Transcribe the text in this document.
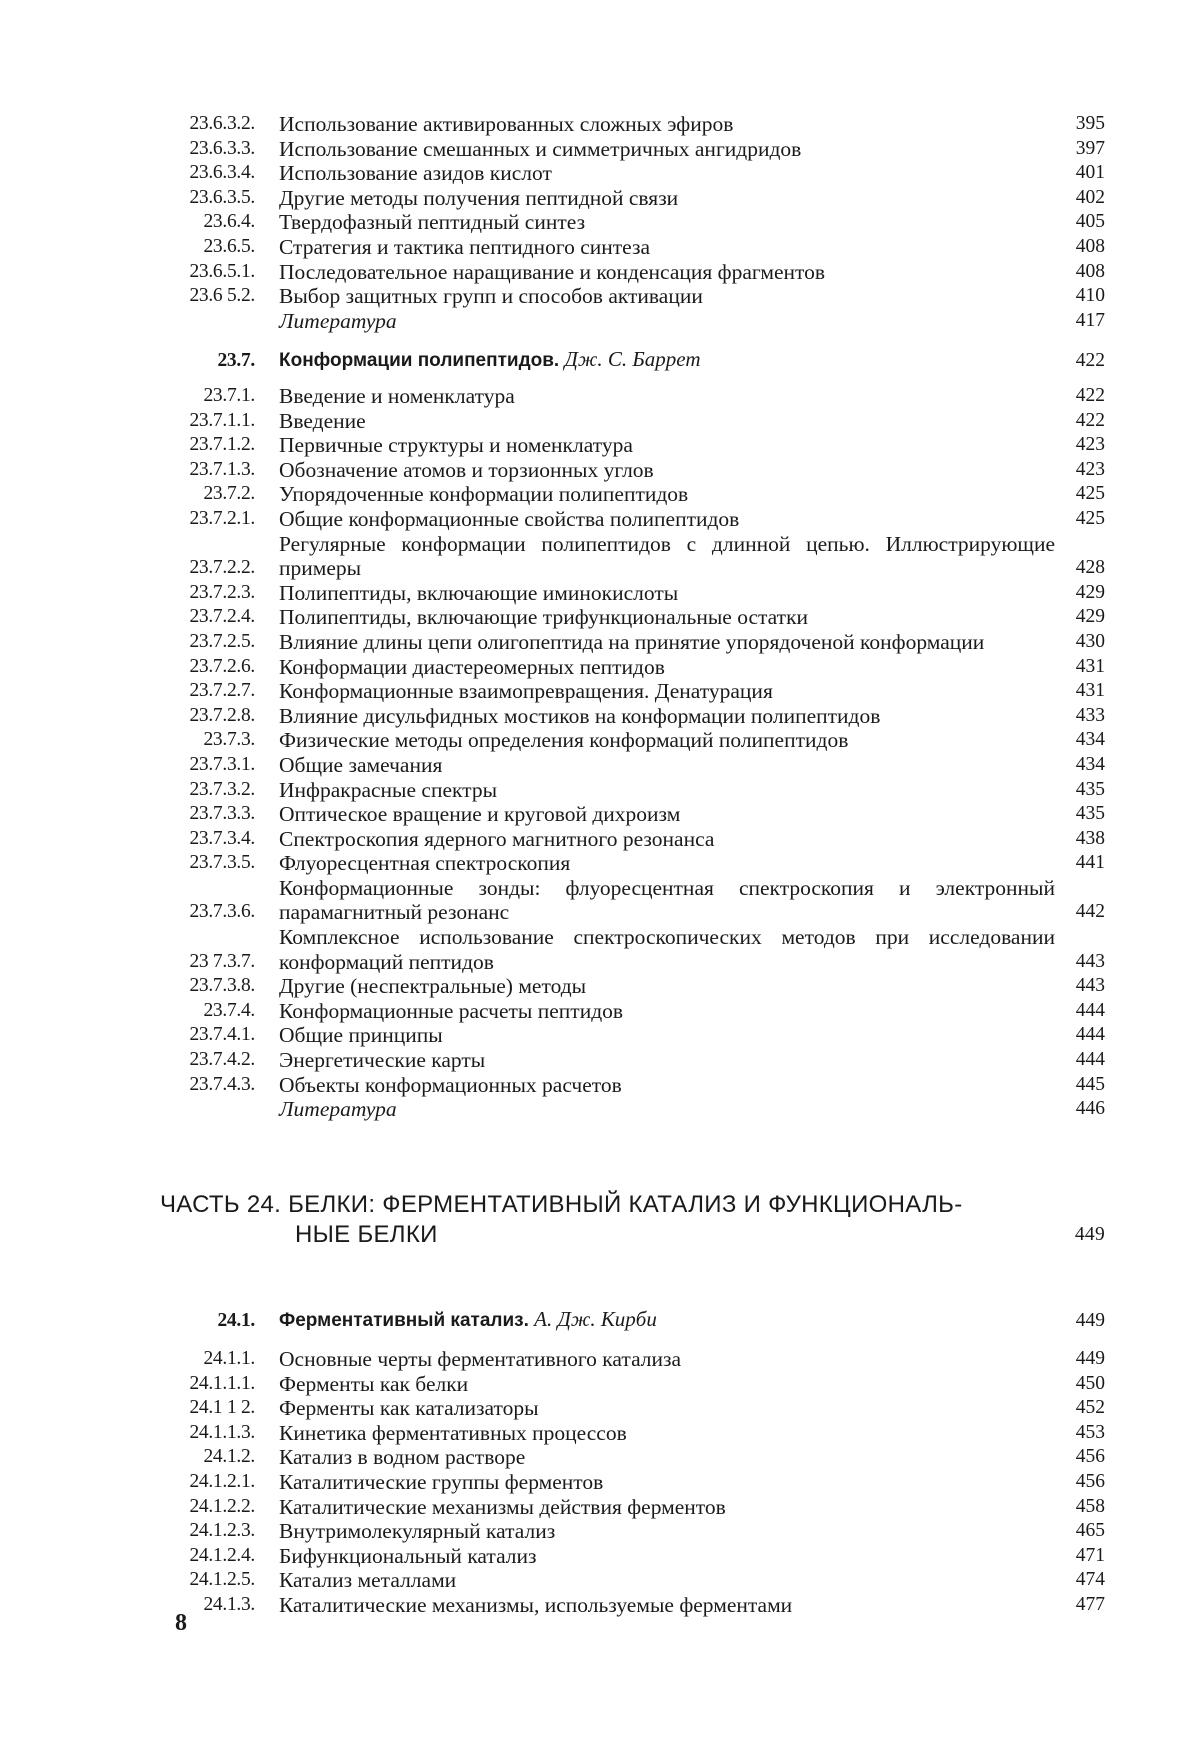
23.6.3.2. Использование активированных сложных эфиров	395
23.6.3.3. Использование смешанных и симметричных ангидридов	397
23.6.3.4. Использование азидов кислот	401
23.6.3.5. Другие методы получения пептидной связи	402
23.6.4. Твердофазный пептидный синтез	405
23.6.5. Стратегия и тактика пептидного синтеза	408
23.6.5.1. Последовательное наращивание и конденсация фрагментов	408
23.6 5.2. Выбор защитных групп и способов активации	410
Литература	417
23.7. Конформации полипептидов. Дж. С. Баррет	422
23.7.1. Введение и номенклатура	422
23.7.1.1. Введение	422
23.7.1.2. Первичные структуры и номенклатура	423
23.7.1.3. Обозначение атомов и торзионных углов	423
23.7.2. Упорядоченные конформации полипептидов	425
23.7.2.1. Общие конформационные свойства полипептидов	425
23.7.2.2.
Регулярные конформации полипептидов с длинной цепью. Иллюстрирующие примеры	428
23.7.2.3. Полипептиды, включающие иминокислоты	429
23.7.2.4. Полипептиды, включающие трифункциональные остатки	429
23.7.2.5. Влияние длины цепи олигопептида на принятие упорядоченой конформации	430
23.7.2.6. Конформации диастереомерных пептидов	431
23.7.2.7. Конформационные взаимопревращения. Денатурация	431
23.7.2.8. Влияние дисульфидных мостиков на конформации полипептидов	433
23.7.3. Физические методы определения конформаций полипептидов	434
23.7.3.1. Общие замечания	434
23.7.3.2. Инфракрасные спектры	435
23.7.3.3. Оптическое вращение и круговой дихроизм	435
23.7.3.4. Спектроскопия ядерного магнитного резонанса	438
23.7.3.5. Флуоресцентная спектроскопия	441
23.7.3.6.
Конформационные зонды: флуоресцентная спектроскопия и электронный парамагнитный резонанс	442
23 7.3.7.
Комплексное использование спектроскопических методов при исследовании конформаций пептидов	443
23.7.3.8. Другие (неспектральные) методы	443
23.7.4. Конформационные расчеты пептидов	444
23.7.4.1. Общие принципы	444
23.7.4.2. Энергетические карты	444
23.7.4.3. Объекты конформационных расчетов	445
Литература	446
ЧАСТЬ 24. БЕЛКИ: ФЕРМЕНТАТИВНЫЙ КАТАЛИЗ И ФУНКЦИОНАЛЬ-
НЫЕ БЕЛКИ	449
24.1. Ферментативный катализ. А. Дж. Кирби	449
24.1.1. Основные черты ферментативного катализа	449
24.1.1.1. Ферменты как белки	450
24.1 1 2. Ферменты как катализаторы	452
24.1.1.3. Кинетика ферментативных процессов	453
24.1.2. Катализ в водном растворе	456
24.1.2.1. Каталитические группы ферментов	456
24.1.2.2. Каталитические механизмы действия ферментов	458
24.1.2.3. Внутримолекулярный катализ	465
24.1.2.4. Бифункциональный катализ	471
24.1.2.5. Катализ металлами	474
24.1.3. Каталитические механизмы, используемые ферментами	477
8
